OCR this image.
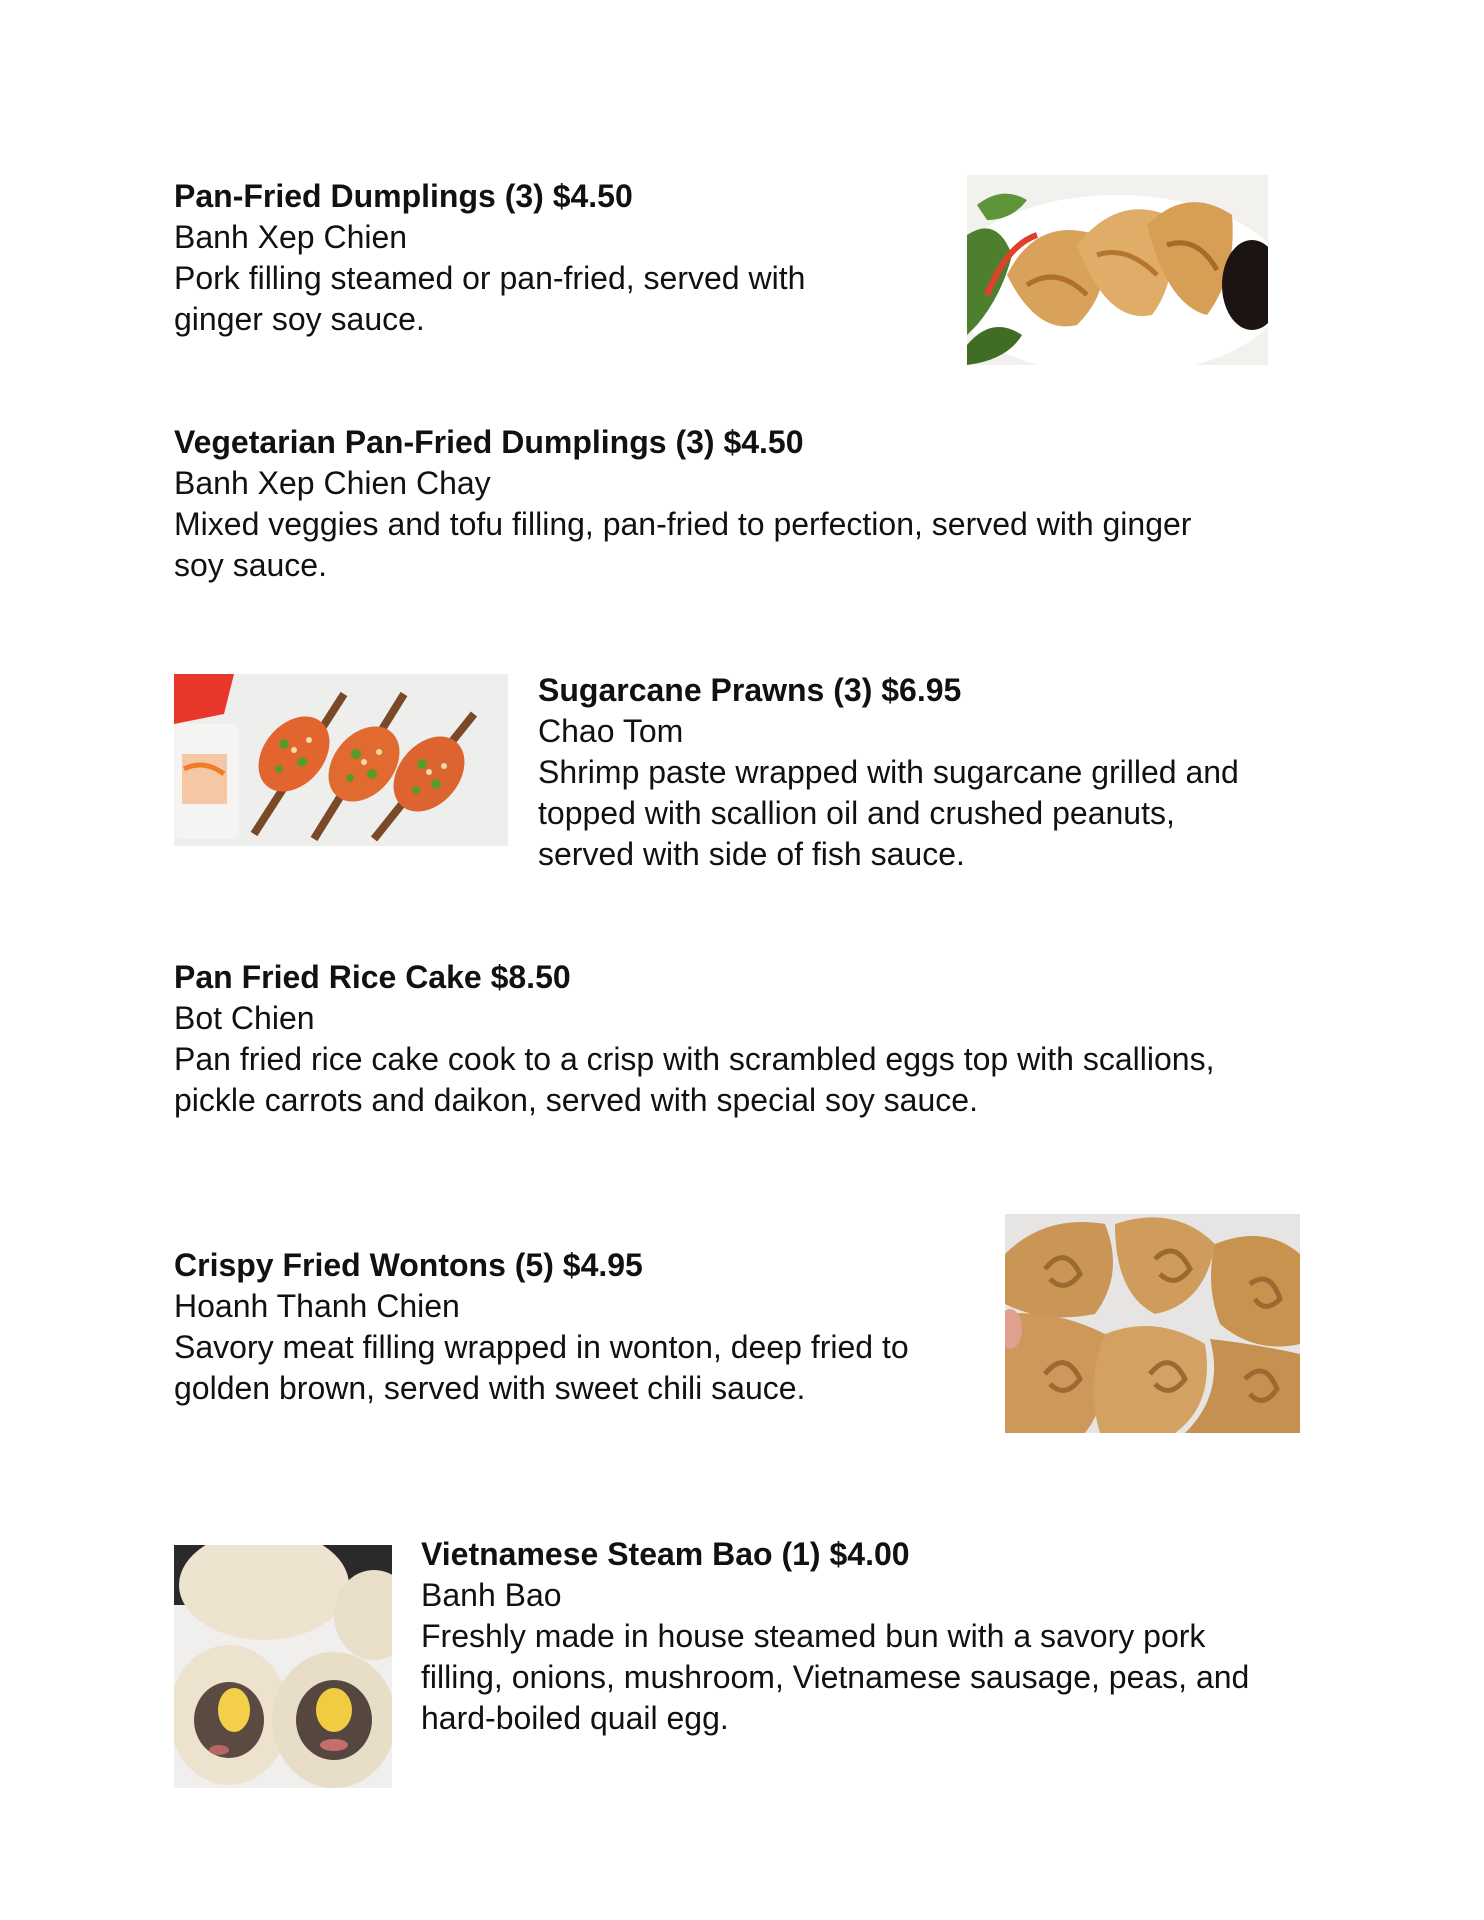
Pan-Fried Dumplings (3) $4.50
Banh Xep Chien
Pork filling steamed or pan-fried, served with
ginger soy sauce.
Vegetarian Pan-Fried Dumplings (3) $4.50
Banh Xep Chien Chay
Mixed veggies and tofu filling, pan-fried to perfection, served with ginger
soy sauce.
Sugarcane Prawns (3) $6.95
Chao Tom
Shrimp paste wrapped with sugarcane grilled and
topped with scallion oil and crushed peanuts,
served with side of fish sauce.
Pan Fried Rice Cake $8.50
Bot Chien
Pan fried rice cake cook to a crisp with scrambled eggs top with scallions,
pickle carrots and daikon, served with special soy sauce.
Crispy Fried Wontons (5) $4.95
Hoanh Thanh Chien
Savory meat filling wrapped in wonton, deep fried to
golden brown, served with sweet chili sauce.
Vietnamese Steam Bao (1) $4.00
Banh Bao
Freshly made in house steamed bun with a savory pork
filling, onions, mushroom, Vietnamese sausage, peas, and
hard-boiled quail egg.
